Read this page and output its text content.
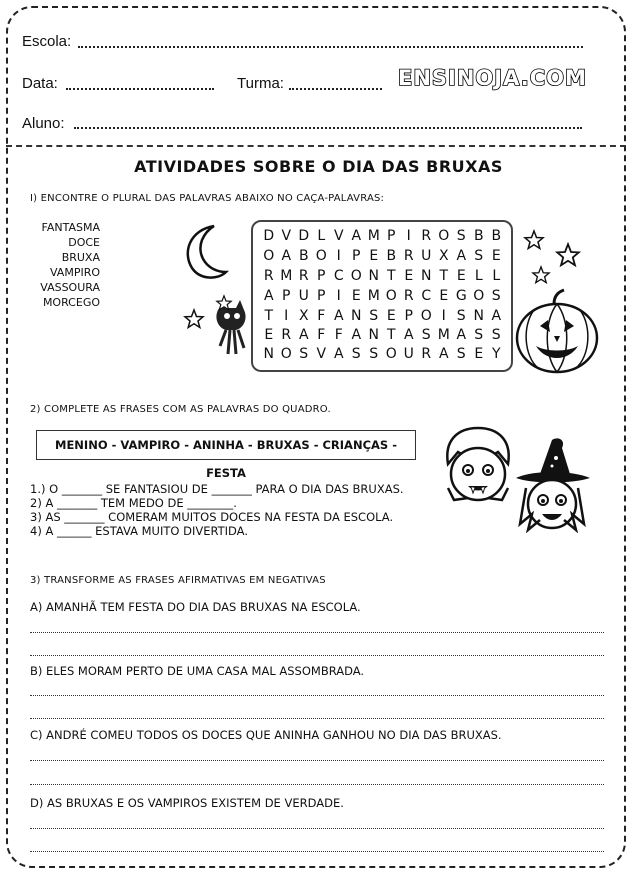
Escola:
Data:	Turma:	ENSINOJA.COM
Aluno:
ATIVIDADES SOBRE O DIA DAS BRUXAS
I) ENCONTRE O PLURAL DAS PALAVRAS ABAIXO NO CAÇA-PALAVRAS:
FANTASMA
DOCE
BRUXA
VAMPIRO
VASSOURA
MORCEGO
D V D L V A M P I R O S B B
O A B O I P E B R U X A S E
R M R P C O N T E N T E L L
A P U P I E M O R C E G O S
T I X F A N S E P O I S N A
E R A F F A N T A S M A S S
N O S V A S S O U R A S E Y
2) COMPLETE AS FRASES COM AS PALAVRAS DO QUADRO.
MENINO - VAMPIRO - ANINHA - BRUXAS - CRIANÇAS - FESTA
1.) O _______ SE FANTASIOU DE _______ PARA O DIA DAS BRUXAS.
2) A _______ TEM MEDO DE ________.
3) AS _______ COMERAM MUITOS DOCES NA FESTA DA ESCOLA.
4) A ______ ESTAVA MUITO DIVERTIDA.
3) TRANSFORME AS FRASES AFIRMATIVAS EM NEGATIVAS
A) AMANHÃ TEM FESTA DO DIA DAS BRUXAS NA ESCOLA.
B) ELES MORAM PERTO DE UMA CASA MAL ASSOMBRADA.
C) ANDRÉ COMEU TODOS OS DOCES QUE ANINHA GANHOU NO DIA DAS BRUXAS.
D) AS BRUXAS E OS VAMPIROS EXISTEM DE VERDADE.
